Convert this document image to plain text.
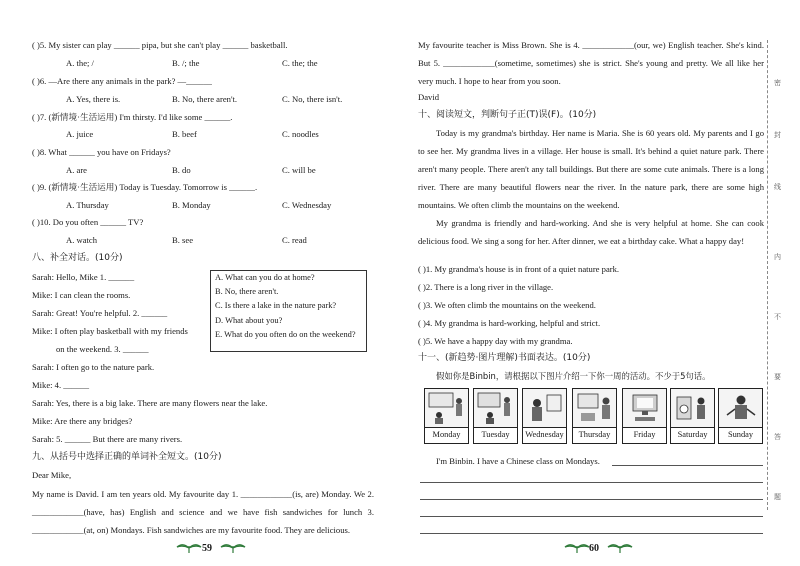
( )5. My sister can play ______ pipa, but she can't play ______ basketball.
A. the; /	B. /; the	C. the; the
( )6. —Are there any animals in the park? —______
A. Yes, there is.	B. No, there aren't.	C. No, there isn't.
( )7. (新情境·生活运用) I'm thirsty. I'd like some ______.
A. juice	B. beef	C. noodles
( )8. What ______ you have on Fridays?
A. are	B. do	C. will be
( )9. (新情境·生活运用) Today is Tuesday. Tomorrow is ______.
A. Thursday	B. Monday	C. Wednesday
( )10. Do you often ______ TV?
A. watch	B. see	C. read
八、补全对话。(10分)
Sarah: Hello, Mike 1. ______
Mike: I can clean the rooms.
Sarah: Great! You're helpful. 2. ______
Mike: I often play basketball with my friends
on the weekend. 3. ______
Sarah: I often go to the nature park.
Mike: 4. ______
Sarah: Yes, there is a big lake. There are many flowers near the lake.
Mike: Are there any bridges?
Sarah: 5. ______ But there are many rivers.
A. What can you do at home?
B. No, there aren't.
C. Is there a lake in the nature park?
D. What about you?
E. What do you often do on the weekend?
九、从括号中选择正确的单词补全短文。(10分)
Dear Mike,
My name is David. I am ten years old. My favourite day 1. ____________(is, are) Monday. We 2. ____________(have, has) English and science and we have fish sandwiches for lunch 3. ____________(at, on) Mondays. Fish sandwiches are my favourite food. They are delicious.
59
My favourite teacher is Miss Brown. She is 4. ____________(our, we) English teacher. She's kind. But 5. ____________(sometime, sometimes) she is strict. She's young and pretty. We all like her very much. I hope to hear from you soon.
David
十、阅读短文，判断句子正(T)误(F)。(10分)
Today is my grandma's birthday. Her name is Maria. She is 60 years old. My parents and I go to see her. My grandma lives in a village. Her house is small. It's behind a quiet nature park. There aren't many people. There aren't any tall buildings. But there are some cute animals. There is a long river. There are many beautiful flowers near the river. In the nature park, there are some high mountains. We often climb the mountains on the weekend.
My grandma is friendly and hard-working. And she is very helpful at home. She can cook delicious food. We sing a song for her. After dinner, we eat a birthday cake. What a happy day!
( )1. My grandma's house is in front of a quiet nature park.
( )2. There is a long river in the village.
( )3. We often climb the mountains on the weekend.
( )4. My grandma is hard-working, helpful and strict.
( )5. We have a happy day with my grandma.
十一、(新趋势·图片理解)书面表达。(10分)
假如你是Binbin，请根据以下图片介绍一下你一周的活动。不少于5句话。
Monday	Tuesday	Wednesday	Thursday	Friday	Saturday	Sunday
I'm Binbin. I have a Chinese class on Mondays.
60
密
封
线
内
不
要
答
题
